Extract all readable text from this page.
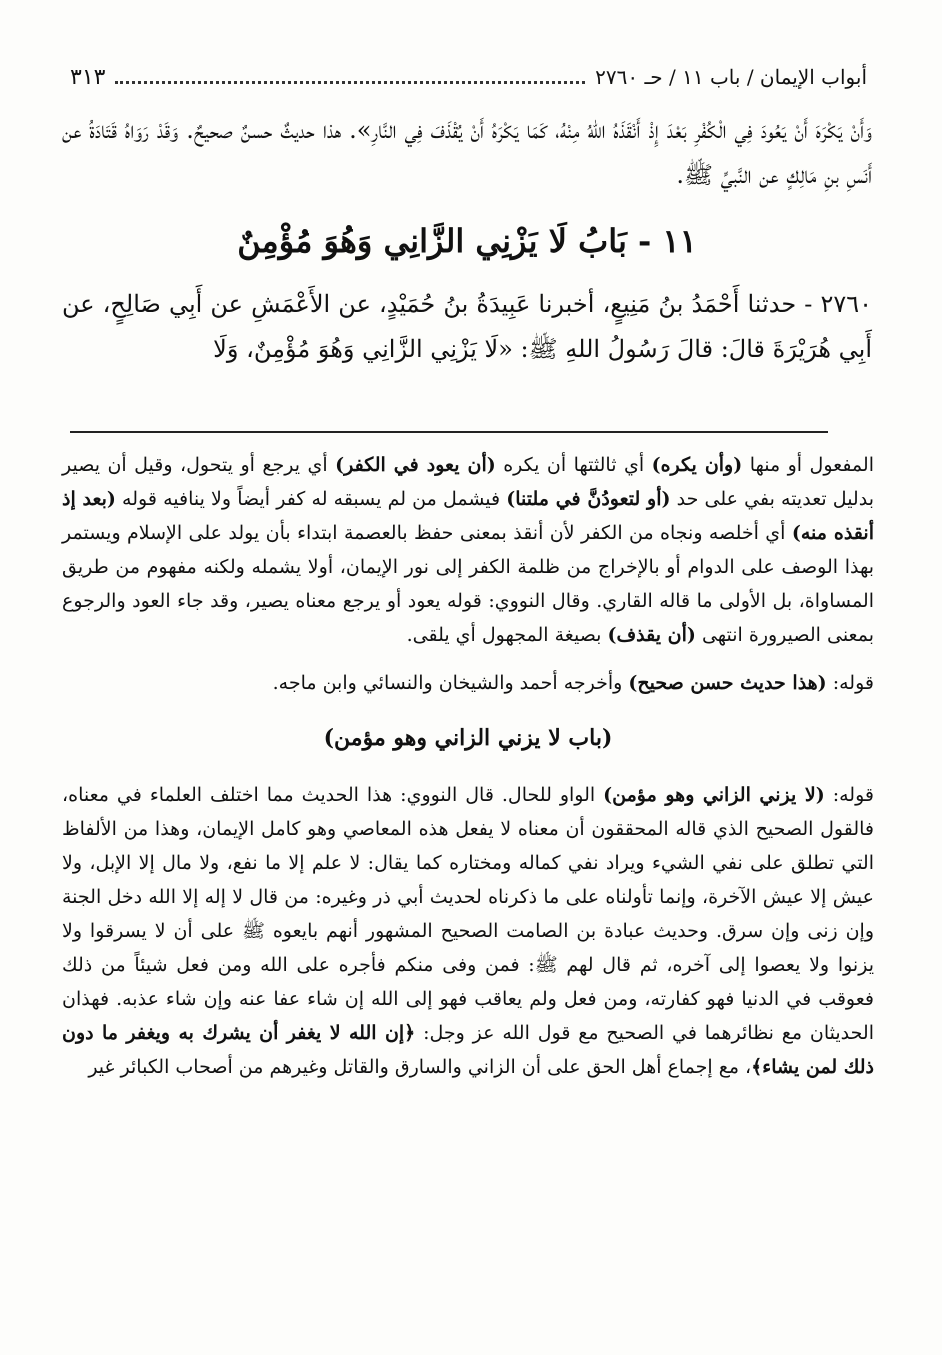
أبواب الإيمان / باب ١١ / حـ ٢٧٦٠
٣١٣

وَأَنْ يَكْرَهَ أَنْ يَعُودَ فِي الْكُفْرِ بَعْدَ إِذْ أَنْقَذَهُ اللهُ مِنْهُ، كَمَا يَكْرَهُ أَنْ يُقْذَفَ فِي النَّارِ». هذا حديثٌ حسنٌ صحيحٌ. وَقَدْ رَوَاهُ قَتَادَةُ عن أَنَسِ بنِ مَالِكٍ عن النَّبيِّ ﷺ.

١١ - بَابُ لَا يَزْنِي الزَّانِي وَهُوَ مُؤْمِنٌ

٢٧٦٠ - حدثنا أَحْمَدُ بنُ مَنِيعٍ، أخبرنا عَبِيدَةُ بنُ حُمَيْدٍ، عن الأَعْمَشِ عن أَبِي صَالِحٍ، عن أَبِي هُرَيْرَةَ قالَ: قالَ رَسُولُ اللهِ ﷺ: «لَا يَزْنِي الزَّانِي وَهُوَ مُؤْمِنٌ، وَلَا

المفعول أو منها (وأن يكره) أي ثالثتها أن يكره (أن يعود في الكفر) أي يرجع أو يتحول، وقيل أن يصير بدليل تعديته بفي على حد (أو لتعودُنَّ في ملتنا) فيشمل من لم يسبقه له كفر أيضاً ولا ينافيه قوله (بعد إذ أنقذه منه) أي أخلصه ونجاه من الكفر لأن أنقذ بمعنى حفظ بالعصمة ابتداء بأن يولد على الإسلام ويستمر بهذا الوصف على الدوام أو بالإخراج من ظلمة الكفر إلى نور الإيمان، أولا يشمله ولكنه مفهوم من طريق المساواة، بل الأولى ما قاله القاري. وقال النووي: قوله يعود أو يرجع معناه يصير، وقد جاء العود والرجوع بمعنى الصيرورة انتهى (أن يقذف) بصيغة المجهول أي يلقى.

قوله: (هذا حديث حسن صحيح) وأخرجه أحمد والشيخان والنسائي وابن ماجه.

(باب لا يزني الزاني وهو مؤمن)

قوله: (لا يزني الزاني وهو مؤمن) الواو للحال. قال النووي: هذا الحديث مما اختلف العلماء في معناه، فالقول الصحيح الذي قاله المحققون أن معناه لا يفعل هذه المعاصي وهو كامل الإيمان، وهذا من الألفاظ التي تطلق على نفي الشيء ويراد نفي كماله ومختاره كما يقال: لا علم إلا ما نفع، ولا مال إلا الإبل، ولا عيش إلا عيش الآخرة، وإنما تأولناه على ما ذكرناه لحديث أبي ذر وغيره: من قال لا إله إلا الله دخل الجنة وإن زنى وإن سرق. وحديث عبادة بن الصامت الصحيح المشهور أنهم بايعوه ﷺ على أن لا يسرقوا ولا يزنوا ولا يعصوا إلى آخره، ثم قال لهم ﷺ: فمن وفى منكم فأجره على الله ومن فعل شيئاً من ذلك فعوقب في الدنيا فهو كفارته، ومن فعل ولم يعاقب فهو إلى الله إن شاء عفا عنه وإن شاء عذبه. فهذان الحديثان مع نظائرهما في الصحيح مع قول الله عز وجل: ﴿إن الله لا يغفر أن يشرك به ويغفر ما دون ذلك لمن يشاء﴾، مع إجماع أهل الحق على أن الزاني والسارق والقاتل وغيرهم من أصحاب الكبائر غير
